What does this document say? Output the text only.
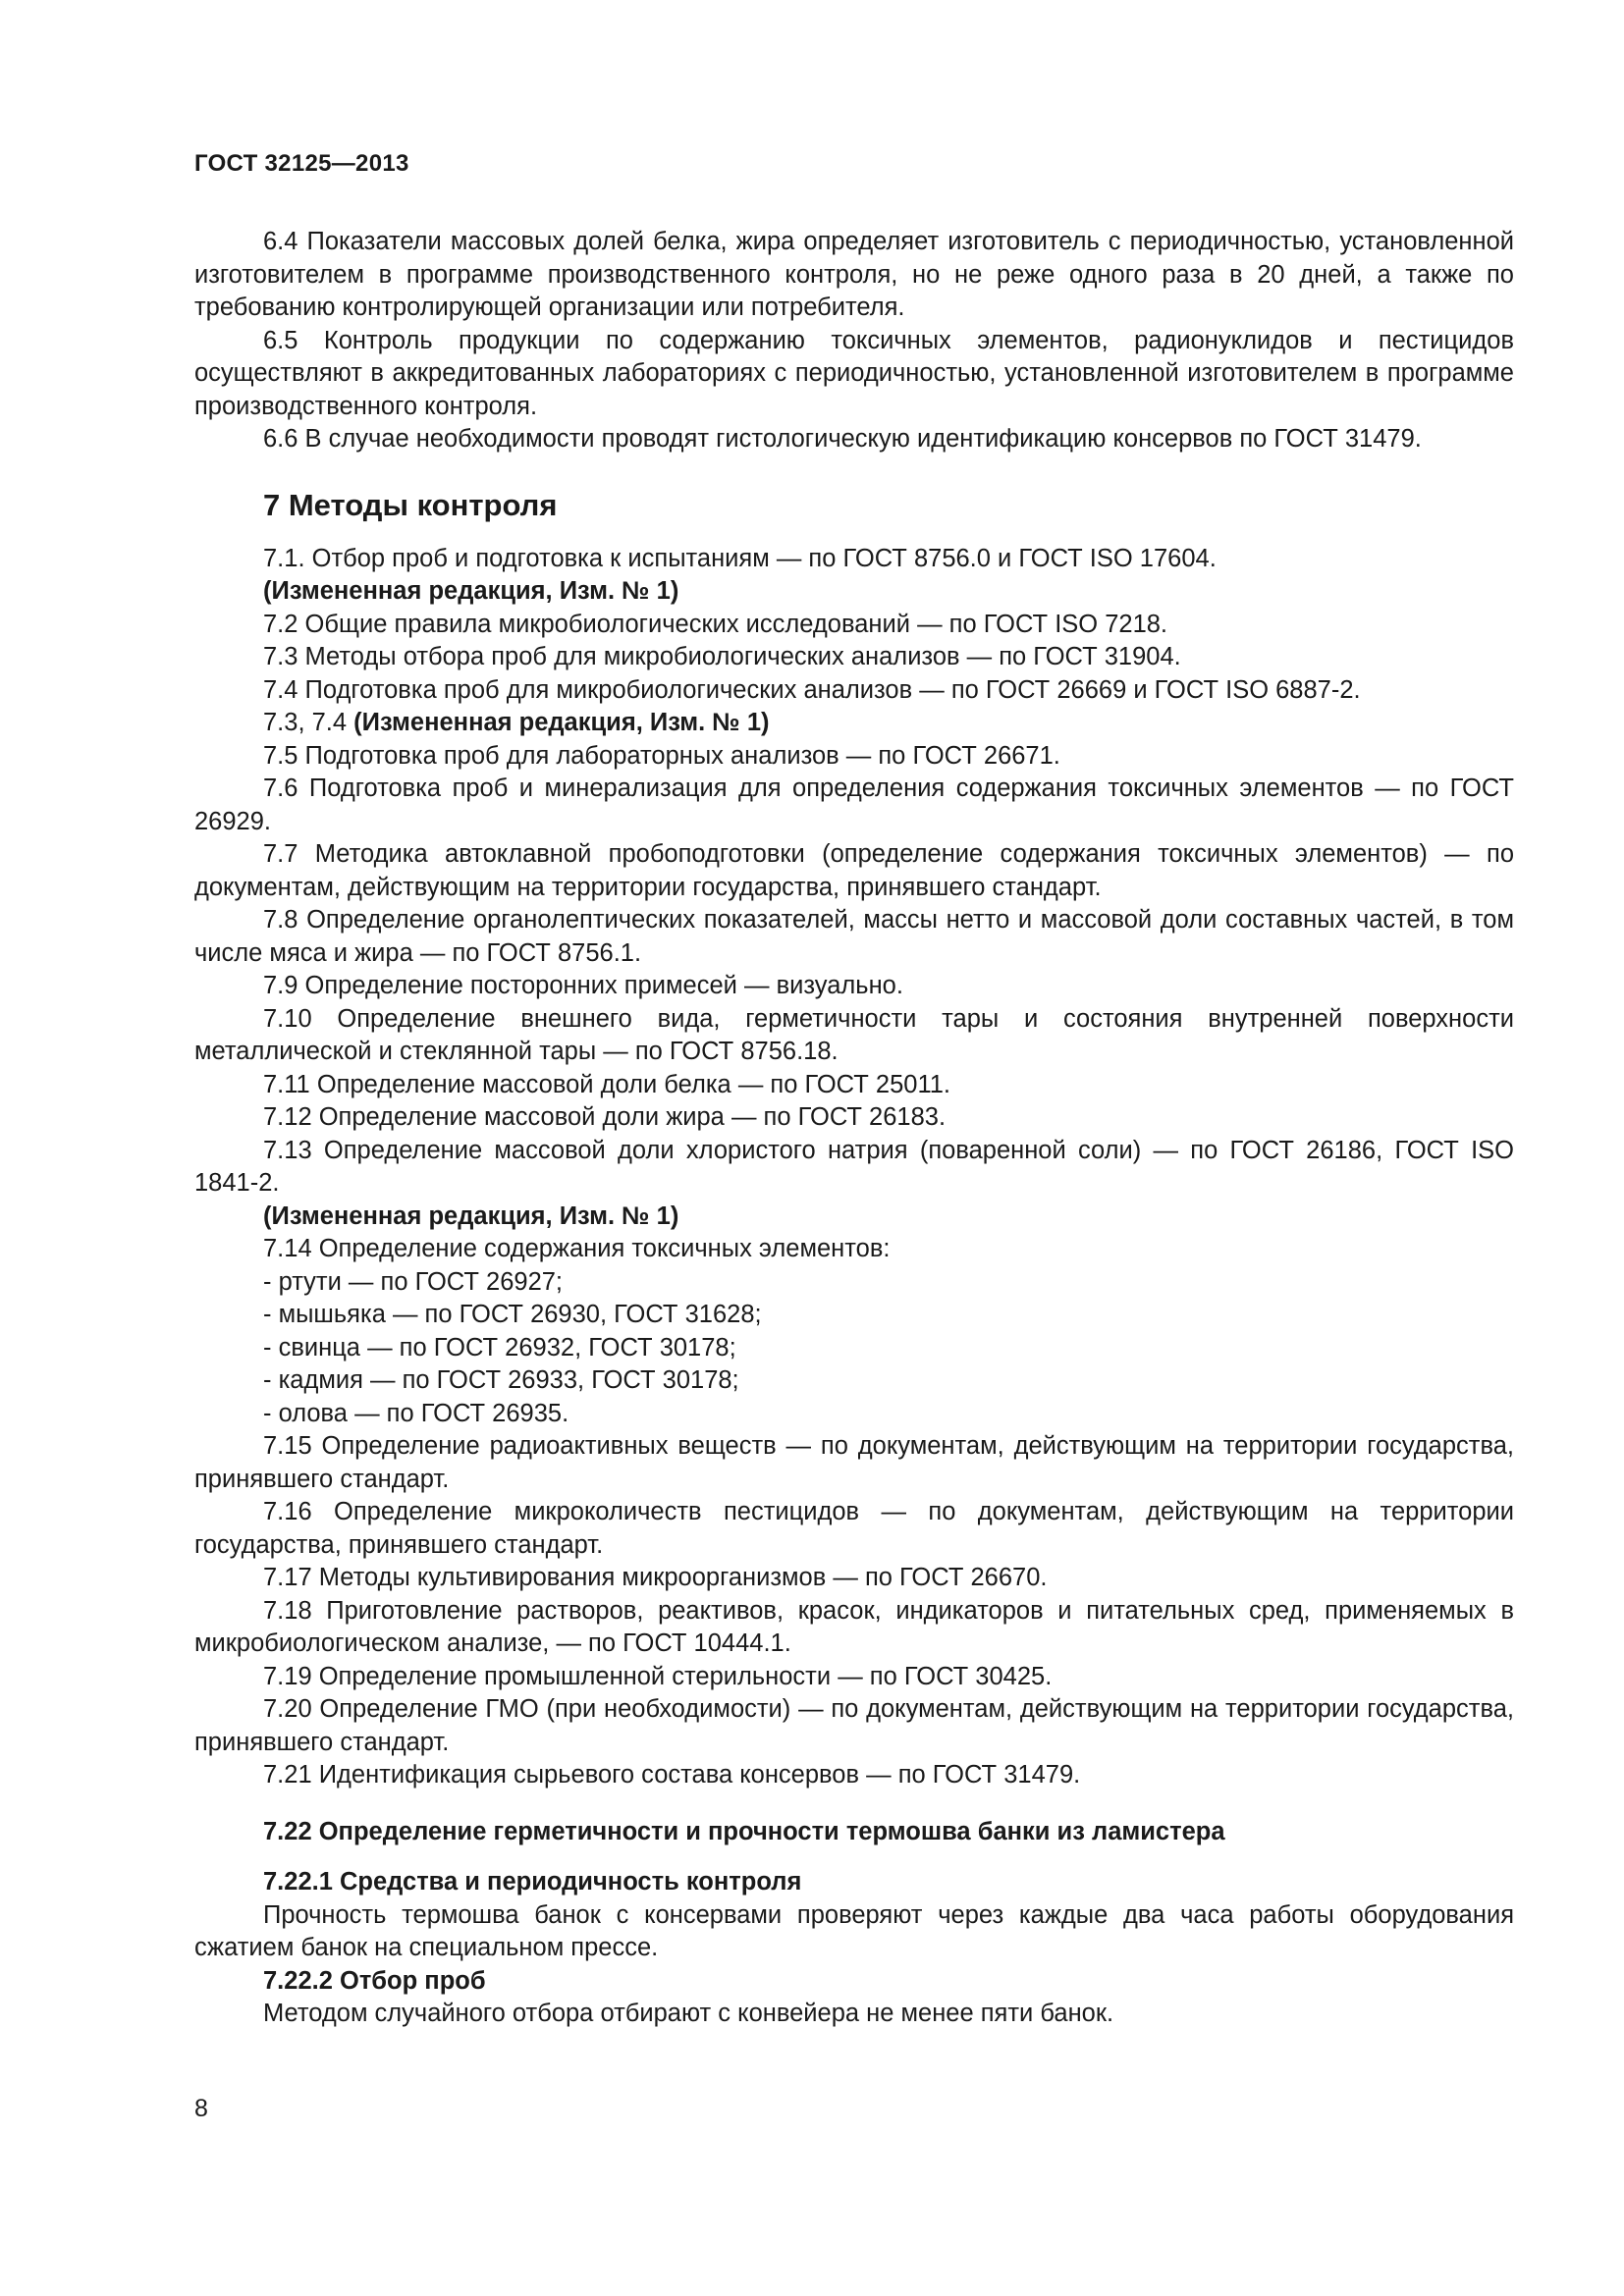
ГОСТ 32125—2013

6.4 Показатели массовых долей белка, жира определяет изготовитель с периодичностью, установленной изготовителем в программе производственного контроля, но не реже одного раза в 20 дней, а также по требованию контролирующей организации или потребителя.

6.5 Контроль продукции по содержанию токсичных элементов, радионуклидов и пестицидов осуществляют в аккредитованных лабораториях с периодичностью, установленной изготовителем в программе производственного контроля.

6.6 В случае необходимости проводят гистологическую идентификацию консервов по ГОСТ 31479.

7 Методы контроля

7.1. Отбор проб и подготовка к испытаниям — по ГОСТ 8756.0 и ГОСТ ISO 17604.

(Измененная редакция, Изм. № 1)

7.2 Общие правила микробиологических исследований — по ГОСТ ISO 7218.

7.3 Методы отбора проб для микробиологических анализов — по ГОСТ 31904.

7.4 Подготовка проб для микробиологических анализов — по ГОСТ 26669 и ГОСТ ISO 6887-2.

7.3, 7.4 (Измененная редакция, Изм. № 1)

7.5 Подготовка проб для лабораторных анализов — по ГОСТ 26671.

7.6 Подготовка проб и минерализация для определения содержания токсичных элементов — по ГОСТ 26929.

7.7 Методика автоклавной пробоподготовки (определение содержания токсичных элементов) — по документам, действующим на территории государства, принявшего стандарт.

7.8 Определение органолептических показателей, массы нетто и массовой доли составных частей, в том числе мяса и жира — по ГОСТ 8756.1.

7.9 Определение посторонних примесей — визуально.

7.10 Определение внешнего вида, герметичности тары и состояния внутренней поверхности металлической и стеклянной тары — по ГОСТ 8756.18.

7.11 Определение массовой доли белка — по ГОСТ 25011.

7.12 Определение массовой доли жира — по ГОСТ 26183.

7.13 Определение массовой доли хлористого натрия (поваренной соли) — по ГОСТ 26186, ГОСТ ISO 1841-2.

(Измененная редакция, Изм. № 1)

7.14 Определение содержания токсичных элементов:

- ртути — по ГОСТ 26927;

- мышьяка — по ГОСТ 26930, ГОСТ 31628;

- свинца — по ГОСТ 26932, ГОСТ 30178;

- кадмия — по ГОСТ 26933, ГОСТ 30178;

- олова — по ГОСТ 26935.

7.15 Определение радиоактивных веществ — по документам, действующим на территории государства, принявшего стандарт.

7.16 Определение микроколичеств пестицидов — по документам, действующим на территории государства, принявшего стандарт.

7.17 Методы культивирования микроорганизмов — по ГОСТ 26670.

7.18 Приготовление растворов, реактивов, красок, индикаторов и питательных сред, применяемых в микробиологическом анализе, — по ГОСТ 10444.1.

7.19 Определение промышленной стерильности — по ГОСТ 30425.

7.20 Определение ГМО (при необходимости) — по документам, действующим на территории государства, принявшего стандарт.

7.21 Идентификация сырьевого состава консервов — по ГОСТ 31479.

7.22 Определение герметичности и прочности термошва банки из ламистера
7.22.1 Средства и периодичность контроля

Прочность термошва банок с консервами проверяют через каждые два часа работы оборудования сжатием банок на специальном прессе.

7.22.2 Отбор проб

Методом случайного отбора отбирают с конвейера не менее пяти банок.

8
